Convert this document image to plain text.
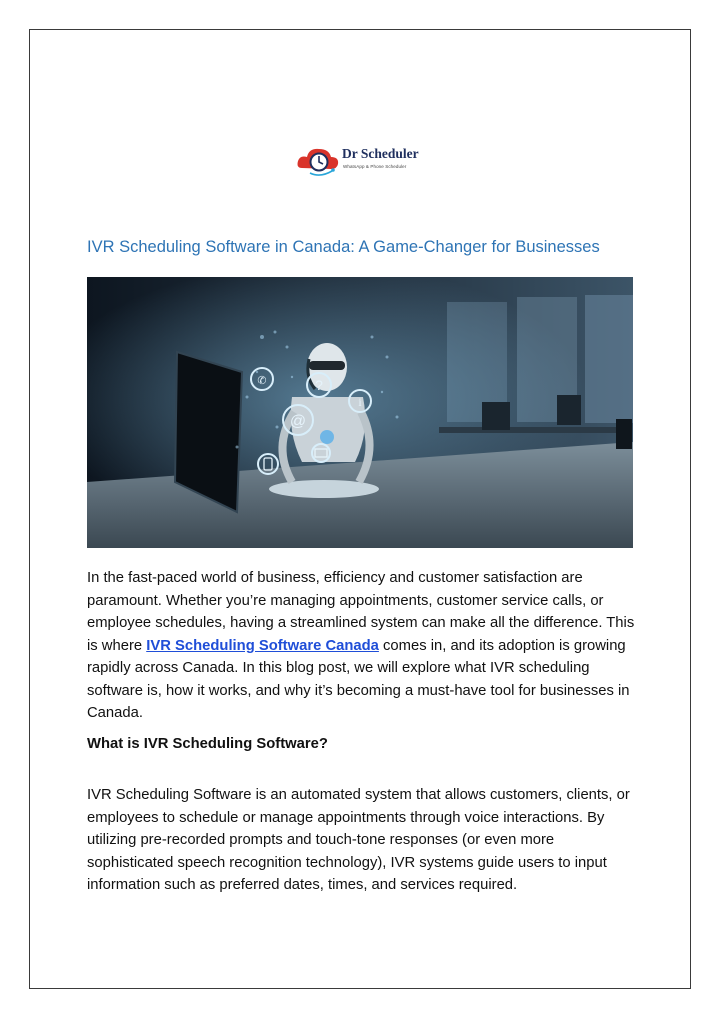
Dr Scheduler
WhatsApp & Phone Scheduler
IVR Scheduling Software in Canada: A Game-Changer for Businesses
?
@
i
✆

In the fast-paced world of business, efficiency and customer satisfaction are paramount. Whether you’re managing appointments, customer service calls, or employee schedules, having a streamlined system can make all the difference. This is where IVR Scheduling Software Canada comes in, and its adoption is growing rapidly across Canada. In this blog post, we will explore what IVR scheduling software is, how it works, and why it’s becoming a must-have tool for businesses in Canada.

What is IVR Scheduling Software?

IVR Scheduling Software is an automated system that allows customers, clients, or employees to schedule or manage appointments through voice interactions. By utilizing pre-recorded prompts and touch-tone responses (or even more sophisticated speech recognition technology), IVR systems guide users to input information such as preferred dates, times, and services required.
